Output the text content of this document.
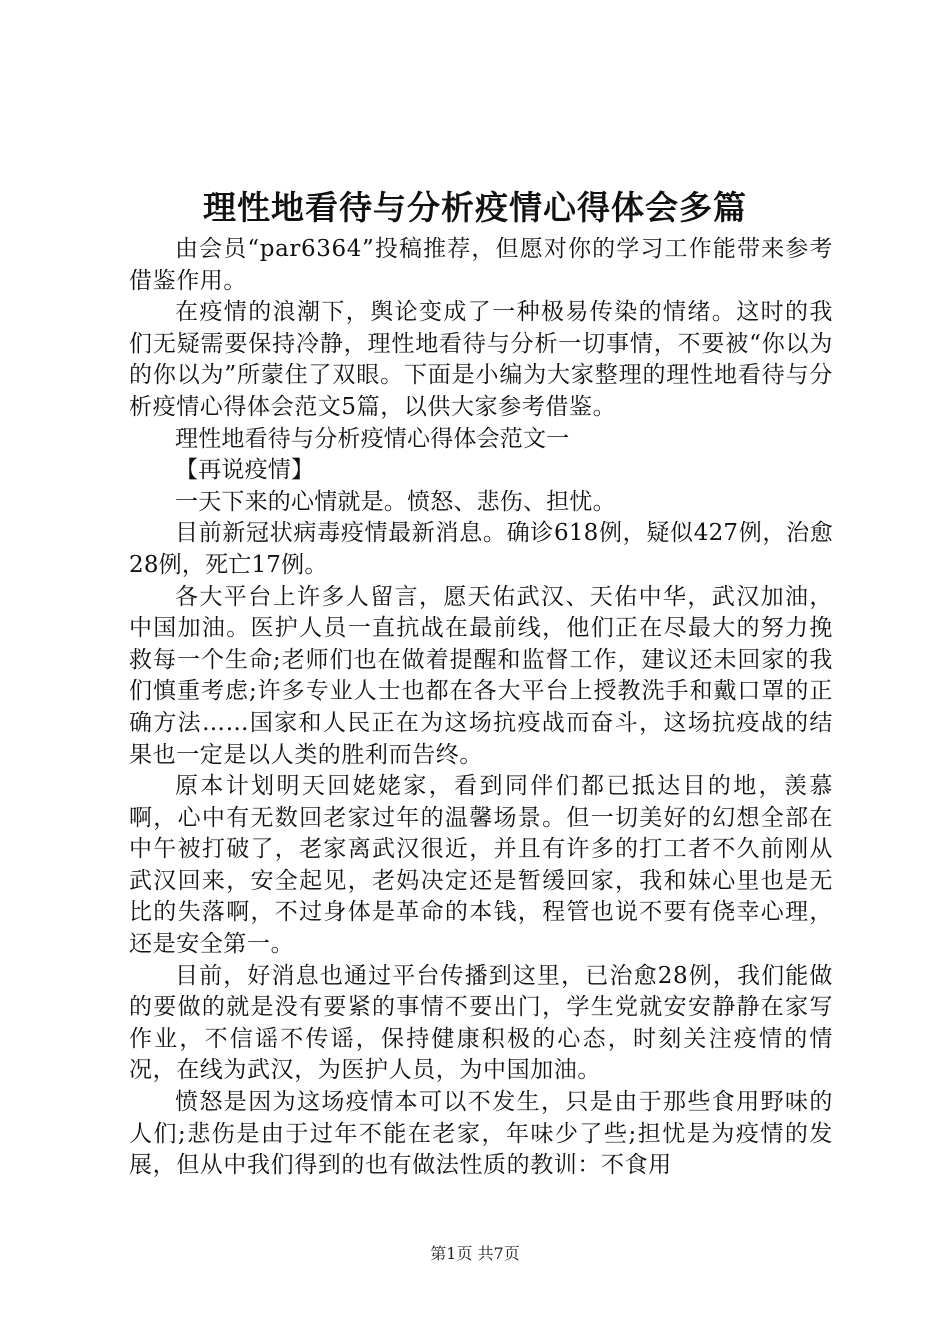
理性地看待与分析疫情心得体会多篇

由会员“par6364”投稿推荐，但愿对你的学习工作能带来参考借鉴作用。

在疫情的浪潮下，舆论变成了一种极易传染的情绪。这时的我们无疑需要保持冷静，理性地看待与分析一切事情，不要被“你以为的你以为”所蒙住了双眼。下面是小编为大家整理的理性地看待与分析疫情心得体会范文5篇，以供大家参考借鉴。

理性地看待与分析疫情心得体会范文一

【再说疫情】

一天下来的心情就是。愤怒、悲伤、担忧。

目前新冠状病毒疫情最新消息。确诊618例，疑似427例，治愈28例，死亡17例。

各大平台上许多人留言，愿天佑武汉、天佑中华，武汉加油，中国加油。医护人员一直抗战在最前线，他们正在尽最大的努力挽救每一个生命;老师们也在做着提醒和监督工作，建议还未回家的我们慎重考虑;许多专业人士也都在各大平台上授教洗手和戴口罩的正确方法……国家和人民正在为这场抗疫战而奋斗，这场抗疫战的结果也一定是以人类的胜利而告终。

原本计划明天回姥姥家，看到同伴们都已抵达目的地，羡慕啊，心中有无数回老家过年的温馨场景。但一切美好的幻想全部在中午被打破了，老家离武汉很近，并且有许多的打工者不久前刚从武汉回来，安全起见，老妈决定还是暂缓回家，我和妹心里也是无比的失落啊，不过身体是革命的本钱，程管也说不要有侥幸心理，还是安全第一。

目前，好消息也通过平台传播到这里，已治愈28例，我们能做的要做的就是没有要紧的事情不要出门，学生党就安安静静在家写作业，不信谣不传谣，保持健康积极的心态，时刻关注疫情的情况，在线为武汉，为医护人员，为中国加油。

愤怒是因为这场疫情本可以不发生，只是由于那些食用野味的人们;悲伤是由于过年不能在老家，年味少了些;担忧是为疫情的发展，但从中我们得到的也有做法性质的教训：不食用

第1页 共7页
